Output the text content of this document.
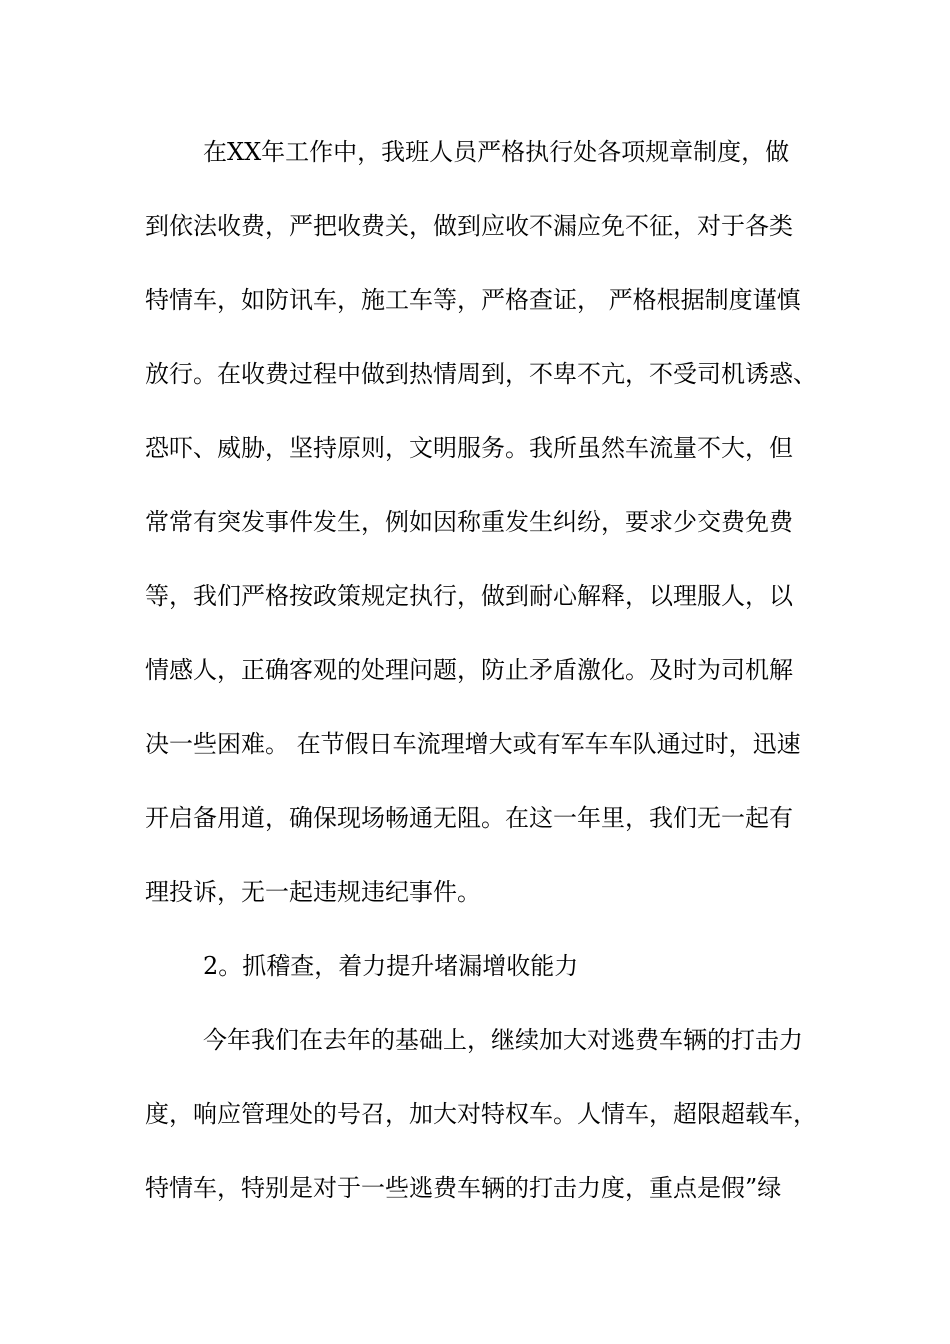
在XX年工作中，我班人员严格执行处各项规章制度，做
到依法收费，严把收费关，做到应收不漏应免不征，对于各类
特情车，如防讯车，施工车等，严格查证， 严格根据制度谨慎
放行。在收费过程中做到热情周到，不卑不亢，不受司机诱惑、
恐吓、威胁，坚持原则，文明服务。我所虽然车流量不大，但
常常有突发事件发生，例如因称重发生纠纷，要求少交费免费
等，我们严格按政策规定执行，做到耐心解释，以理服人，以
情感人，正确客观的处理问题，防止矛盾激化。及时为司机解
决一些困难。 在节假日车流理增大或有军车车队通过时，迅速
开启备用道，确保现场畅通无阻。在这一年里，我们无一起有
理投诉，无一起违规违纪事件。
2。抓稽查，着力提升堵漏增收能力
今年我们在去年的基础上，继续加大对逃费车辆的打击力
度，响应管理处的号召，加大对特权车。人情车，超限超载车，
特情车，特别是对于一些逃费车辆的打击力度，重点是假”绿
